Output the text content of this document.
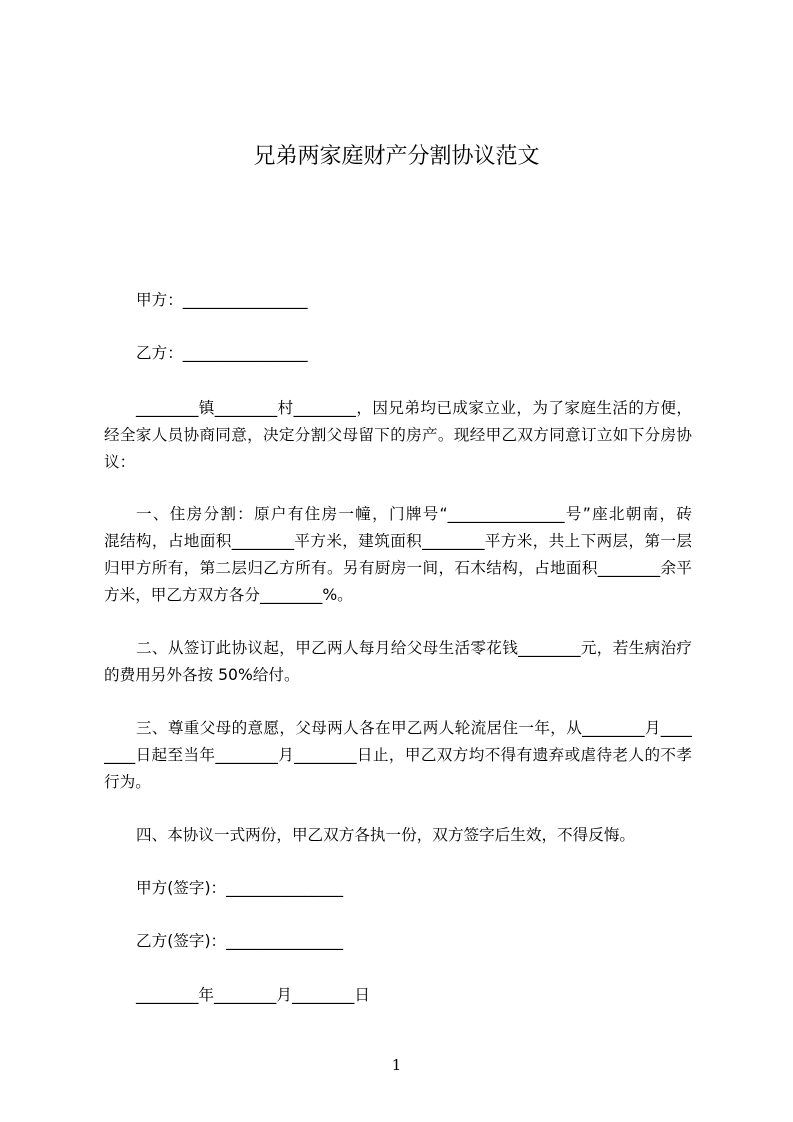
兄弟两家庭财产分割协议范文
甲方：________________
乙方：________________
________镇________村________，因兄弟均已成家立业，为了家庭生活的方便，
经全家人员协商同意，决定分割父母留下的房产。现经甲乙双方同意订立如下分房协
议：
一、住房分割：原户有住房一幢，门牌号“_______________号”座北朝南，砖
混结构，占地面积________平方米，建筑面积________平方米，共上下两层，第一层
归甲方所有，第二层归乙方所有。另有厨房一间，石木结构，占地面积________余平
方米，甲乙方双方各分________%。
二、从签订此协议起，甲乙两人每月给父母生活零花钱________元，若生病治疗
的费用另外各按 50%给付。
三、尊重父母的意愿，父母两人各在甲乙两人轮流居住一年，从________月____
____日起至当年________月________日止，甲乙双方均不得有遗弃或虐待老人的不孝
行为。
四、本协议一式两份，甲乙双方各执一份，双方签字后生效，不得反悔。
甲方(签字)：_______________
乙方(签字)：_______________
________年________月________日
1
